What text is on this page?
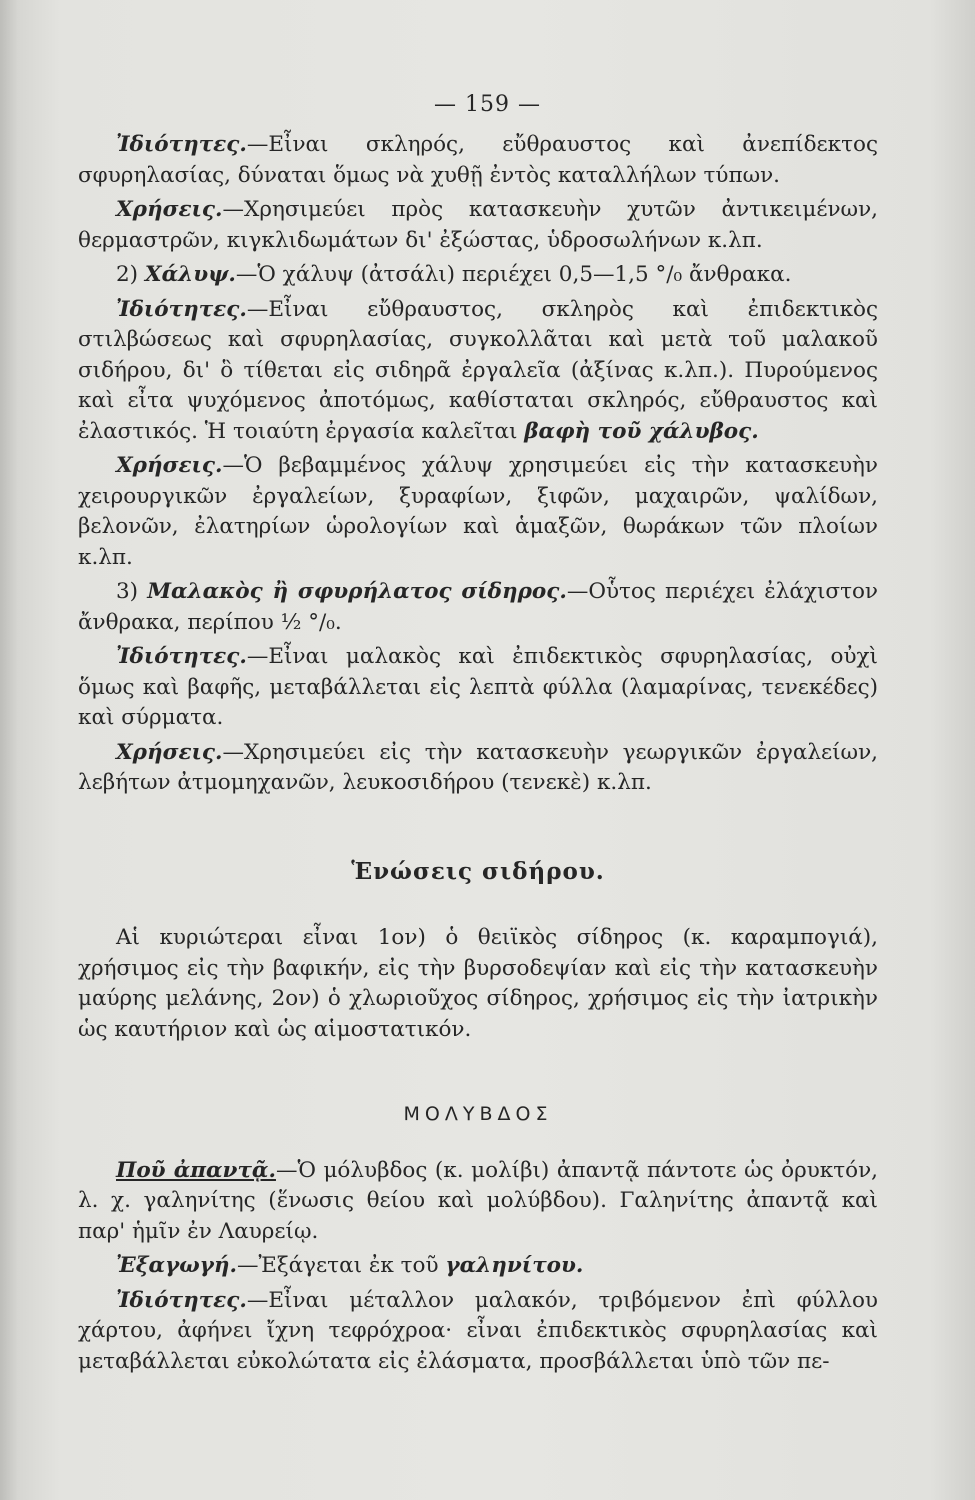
— 159 —

Ἰδιότητες.—Εἶναι σκληρός, εὔθραυστος καὶ ἀνεπίδεκτος σφυρηλασίας, δύναται ὅμως νὰ χυθῇ ἐντὸς καταλλήλων τύπων.

Χρήσεις.—Χρησιμεύει πρὸς κατασκευὴν χυτῶν ἀντικειμένων, θερμαστρῶν, κιγκλιδωμάτων δι' ἐξώστας, ὑδροσωλήνων κ.λπ.

2) Χάλυψ.—Ὁ χάλυψ (ἀτσάλι) περιέχει 0,5—1,5 °/₀ ἄνθρακα.

Ἰδιότητες.—Εἶναι εὔθραυστος, σκληρὸς καὶ ἐπιδεκτικὸς στιλβώσεως καὶ σφυρηλασίας, συγκολλᾶται καὶ μετὰ τοῦ μαλακοῦ σιδήρου, δι' ὃ τίθεται εἰς σιδηρᾶ ἐργαλεῖα (ἀξίνας κ.λπ.). Πυρούμενος καὶ εἶτα ψυχόμενος ἀποτόμως, καθίσταται σκληρός, εὔθραυστος καὶ ἐλαστικός. Ἡ τοιαύτη ἐργασία καλεῖται βαφὴ τοῦ χάλυβος.

Χρήσεις.—Ὁ βεβαμμένος χάλυψ χρησιμεύει εἰς τὴν κατασκευὴν χειρουργικῶν ἐργαλείων, ξυραφίων, ξιφῶν, μαχαιρῶν, ψαλίδων, βελονῶν, ἐλατηρίων ὡρολογίων καὶ ἁμαξῶν, θωράκων τῶν πλοίων κ.λπ.

3) Μαλακὸς ἢ σφυρήλατος σίδηρος.—Οὗτος περιέχει ἐλάχιστον ἄνθρακα, περίπου ½ °/₀.

Ἰδιότητες.—Εἶναι μαλακὸς καὶ ἐπιδεκτικὸς σφυρηλασίας, οὐχὶ ὅμως καὶ βαφῆς, μεταβάλλεται εἰς λεπτὰ φύλλα (λαμαρίνας, τενεκέδες) καὶ σύρματα.

Χρήσεις.—Χρησιμεύει εἰς τὴν κατασκευὴν γεωργικῶν ἐργαλείων, λεβήτων ἀτμομηχανῶν, λευκοσιδήρου (τενεκὲ) κ.λπ.

Ἑνώσεις σιδήρου.

Αἱ κυριώτεραι εἶναι 1ον) ὁ θειϊκὸς σίδηρος (κ. καραμπογιά), χρήσιμος εἰς τὴν βαφικήν, εἰς τὴν βυρσοδεψίαν καὶ εἰς τὴν κατασκευὴν μαύρης μελάνης, 2ον) ὁ χλωριοῦχος σίδηρος, χρήσιμος εἰς τὴν ἰατρικὴν ὡς καυτήριον καὶ ὡς αἱμοστατικόν.

ΜΟΛΥΒΔΟΣ

Ποῦ ἀπαντᾷ.—Ὁ μόλυβδος (κ. μολίβι) ἀπαντᾷ πάντοτε ὡς ὀρυκτόν, λ. χ. γαληνίτης (ἕνωσις θείου καὶ μολύβδου). Γαληνίτης ἀπαντᾷ καὶ παρ' ἡμῖν ἐν Λαυρείῳ.

Ἐξαγωγή.—Ἐξάγεται ἐκ τοῦ γαληνίτου.

Ἰδιότητες.—Εἶναι μέταλλον μαλακόν, τριβόμενον ἐπὶ φύλλου χάρτου, ἀφήνει ἴχνη τεφρόχροα· εἶναι ἐπιδεκτικὸς σφυρηλασίας καὶ μεταβάλλεται εὐκολώτατα εἰς ἐλάσματα, προσβάλλεται ὑπὸ τῶν πε-
